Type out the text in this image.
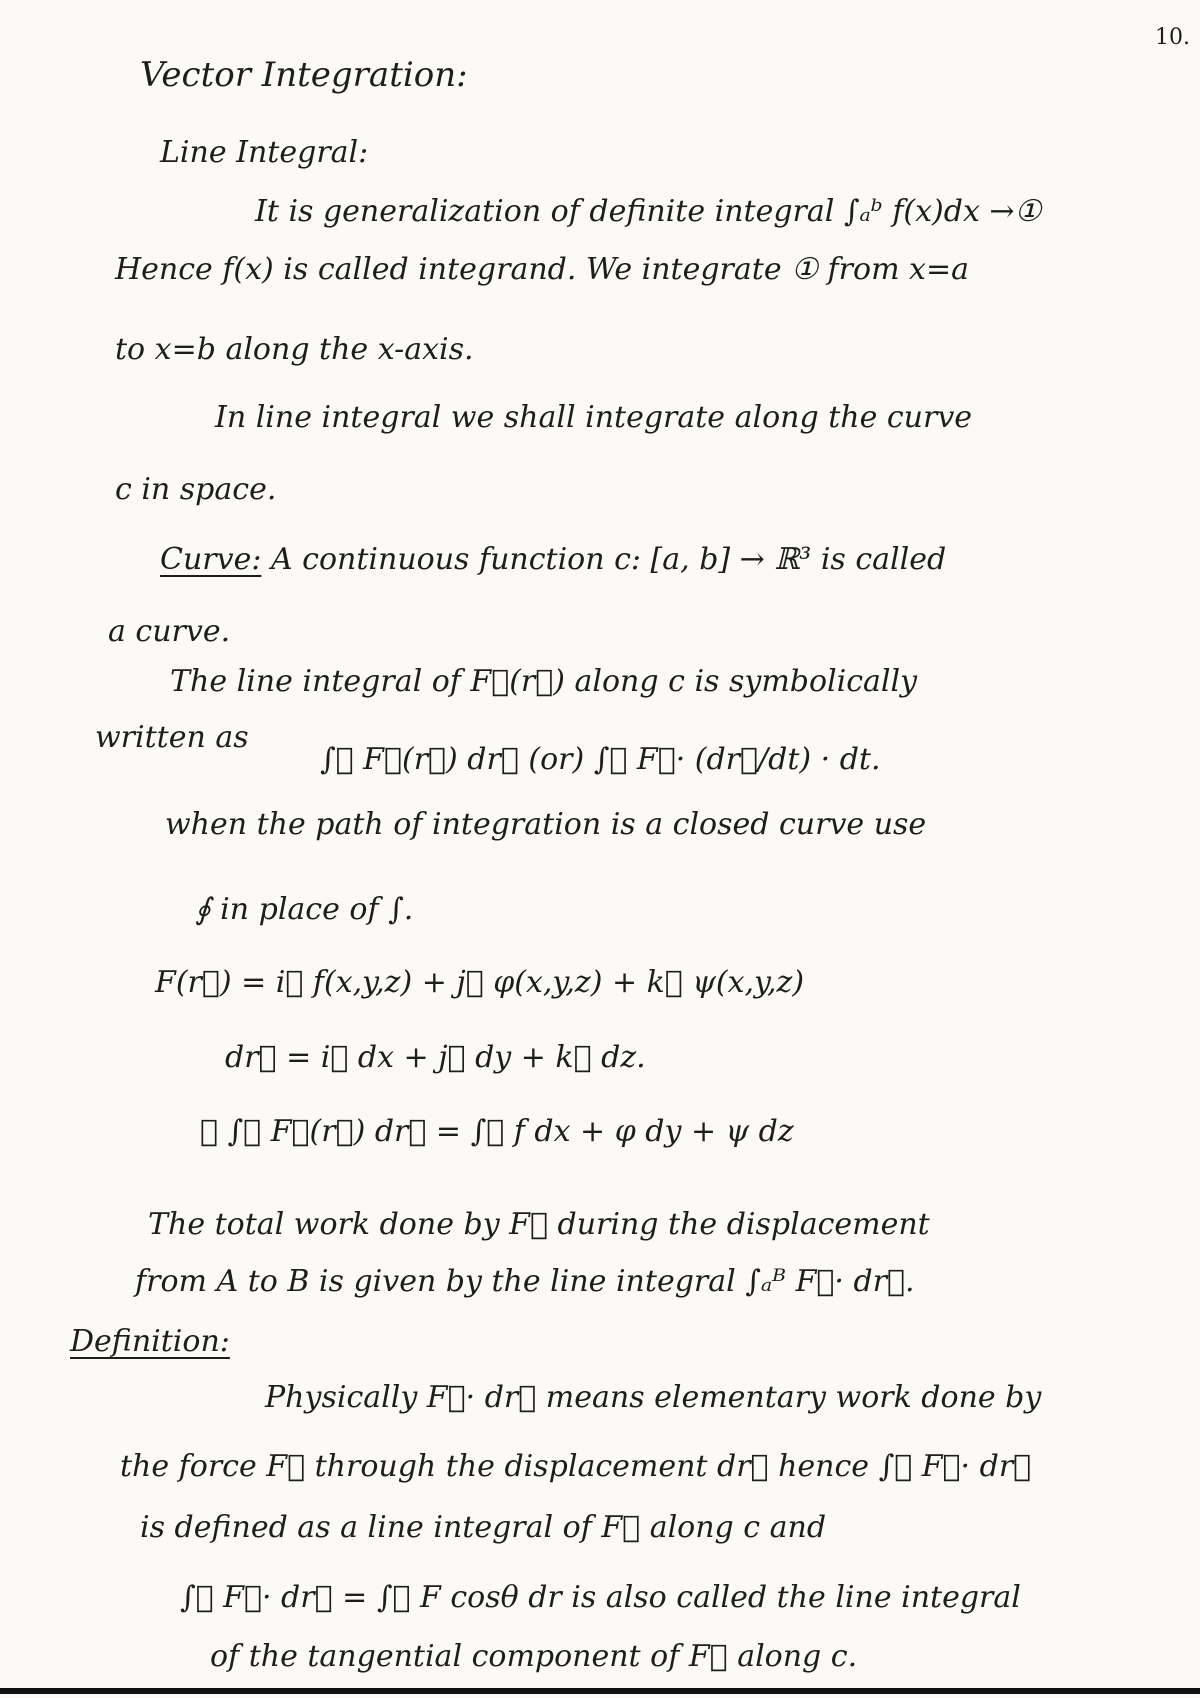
10.
Vector Integration:
Line Integral:
It is generalization of definite integral ∫ₐᵇ f(x)dx →①
Hence f(x) is called integrand. We integrate ① from x=a
to x=b along the x-axis.
In line integral we shall integrate along the curve
c in space.
Curve: A continuous function c: [a, b] → ℝ³ is called
a curve.
The line integral of F⃗(r⃗) along c is symbolically
written as
∫꜀ F⃗(r⃗) dr⃗ (or) ∫꜀ F⃗· (dr⃗/dt) · dt.
when the path of integration is a closed curve use
∮ in place of ∫.
F(r⃗) = i⃗ f(x,y,z) + j⃗ φ(x,y,z) + k⃗ ψ(x,y,z)
dr⃗ = i⃗ dx + j⃗ dy + k⃗ dz.
∴ ∫꜀ F⃗(r⃗) dr⃗ = ∫꜀ f dx + φ dy + ψ dz
The total work done by F⃗ during the displacement
from A to B is given by the line integral ∫ₐᴮ F⃗· dr⃗.
Definition:
Physically F⃗· dr⃗ means elementary work done by
the force F⃗ through the displacement dr⃗ hence ∫꜀ F⃗· dr⃗
is defined as a line integral of F⃗ along c and
∫꜀ F⃗· dr⃗ = ∫꜀ F cosθ dr is also called the line integral
of the tangential component of F⃗ along c.
